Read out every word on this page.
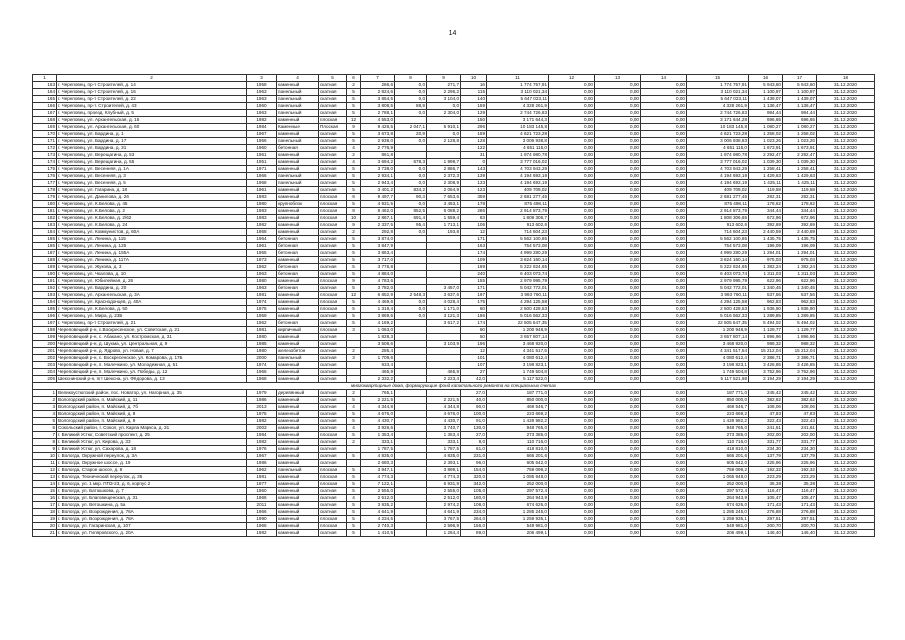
14
1	2	3	4	5	6	7	8	9	10	11	12	13	14	15	16	17	18
163	г. Череповец, пр-т Строителей, д. 14	1958	каменный	скатная	2	286,6	0,0	271,7	16	1 774 757,91	0,00	0,00	0,00	1 774 757,91	5 943,60	5 943,60	31.12.2020
164	г. Череповец, пр-т Строителей, д. 16	1963	панельный	скатная	5	2 824,6	0,0	2 296,2	115	3 110 021,34	0,00	0,00	0,00	3 110 021,34	1 100,97	1 100,97	31.12.2020
165	г. Череповец, пр-т Строителей, д. 22	1963	панельный	скатная	5	3 854,5	0,0	3 104,0	140	5 647 023,11	0,00	0,00	0,00	5 647 023,11	1 439,07	1 439,07	31.12.2020
166	г. Череповец, пр-т. Строителей, д. 43	1960	панельный	скатная	5	3 808,5	88,9	0,0	159	4 328 261,9	0,00	0,00	0,00	4 328 261,9	1 136,47	1 136,47	31.12.2020
167	г. Череповец, проезд. Клубный, д. 5	1963	панельный	скатная	5	2 788,1	0,0	2 304,0	129	2 744 726,83	0,00	0,00	0,00	2 744 726,83	984,44	984,44	31.12.2020
168	г. Череповец, ул. Архангельская, д. 15	1982	каменный	плоская	12	4 553,0			150	3 171 644,3	0,00	0,00	0,00	3 171 644,28	696,65	696,65	31.12.2020
169	г. Череповец, ул. Архангельская, д. 60	1984	Каменные	Плоская	9	9 426,5	2 047,1	5 910,1	296	10 183 145,8	0,00	0,00	0,00	10 183 145,8	1 080,27	1 080,27	31.12.2020
170	г. Череповец, ул. Бардина, д. 1	1967	каменный	скатная	5	3 673,8	20,9	0,0	159	4 621 723,28	0,00	0,00	0,00	4 621 723,28	1 258,02	1 258,02	31.12.2020
171	г. Череповец, ул. Бардина, д. 17	1966	панельный	скатная	5	2 938,0	0,0	2 128,8	128	3 006 938,8	0,00	0,00	0,00	3 006 938,83	1 023,26	1 023,26	31.12.2020
172	г. Череповец, ул. Бардина, д. 31	1960	бетонная	скатная	4	2 776,9			122	4 651 115,0	0,00	0,00	0,00	4 651 115,0	1 673,91	1 673,91	31.12.2020
173	г. Череповец, ул. Верещагина, д. 53	1961	каменный	скатная	2	861,8			31	1 974 980,78	0,00	0,00	0,00	1 974 980,78	2 292,47	2 292,47	31.12.2020
174	г. Череповец, ул. Верещагина, д. 55	1951	каменный	скатная	4	3 694,2	678,3	1 999,7	0	3 777 016,02	0,00	0,00	0,00	3 777 016,02	1 039,30	1 039,30	31.12.2020
175	г. Череповец, ул. Весенняя, д. 1А	1971	каменный	скатная	5	3 738,0	0,0	2 886,7	143	4 703 943,29	0,00	0,00	0,00	4 703 943,29	1 258,41	1 258,41	31.12.2020
176	г. Череповец, ул. Весенняя, д. 3	1966	панельный	скатная	5	2 934,1	0,0	2 372,3	139	4 194 693,19	0,00	0,00	0,00	4 194 693,19	1 429,63	1 429,63	31.12.2020
177	г. Череповец, ул. Весенняя, д. 5	1968	панельный	скатная	5	2 943,4	0,0	2 308,9	133	4 194 693,19	0,00	0,00	0,00	4 194 693,19	1 425,11	1 425,11	31.12.2020
178	г. Череповец, ул. Гагарина, д. 18	1961	каменный	скатная	5	3 401,2	834,2	2 064,9	123	409 709,02	0,00	0,00	0,00	409 709,02	119,58	119,58	31.12.2020
179	г. Череповец, ул. Данилова, д. 26	1983	каменный	плоская	9	9 497,7	90,3	7 653,6	359	2 681 277,45	0,00	0,00	0,00	2 681 277,45	282,31	282,31	31.12.2020
180	г. Череповец, ул. К.Белова, д. 45	1980	крупноблок	плоская	5	4 931,5	0,0	3 453,1	178	875 498,11	0,00	0,00	0,00	875 498,11	178,62	178,62	31.12.2020
181	г. Череповец, ул. К.Белова, д. 2	1983	каменный	плоская	9	8 462,0	852,5	6 089,2	286	2 914 873,79	0,00	0,00	0,00	2 914 873,79	344,44	344,44	31.12.2020
182	г. Череповец, ул. К.Белова, д. 2/62	1983	каменный	плоская	10	2 867,1	691,4	1 559,4	83	1 808 306,7	0,00	0,00	0,00	1 808 306,65	672,96	672,96	31.12.2020
183	г. Череповец, ул. К.Белова, д. 24	1982	каменный	плоская	9	2 337,5	95,4	1 713,1	106	913 602,6	0,00	0,00	0,00	913 602,6	392,69	392,69	31.12.2020
184	г. Череповец, ул. Коммунистов, д. 60А	1958	каменный	скатная	2	292,8	0,0	193,8	12	714 604,23	0,00	0,00	0,00	714 604,23	2 440,59	2 440,59	31.12.2020
185	г. Череповец, ул. Ленина, д. 115	1964	бетонная	скатная	5	3 874,0			171	5 562 100,85	0,00	0,00	0,00	5 562 100,85	1 435,75	1 435,75	31.12.2020
186	г. Череповец, ул. Ленина, д. 126	1961	бетонная	скатная	5	3 847,9			163	754 573,08	0,00	0,00	0,00	754 573,08	196,09	196,09	31.12.2020
187	г. Череповец, ул. Ленина, д. 155А	1965	бетонная	скатная	5	3 863,4			174	4 999 280,29	0,00	0,00	0,00	4 999 280,29	1 294,01	1 294,01	31.12.2020
188	г. Череповец, ул. Ленина, д. 117А	1973	каменный	скатная	5	3 717,0			109	3 624 160,14	0,00	0,00	0,00	3 624 160,14	975,03	975,03	31.12.2020
189	г. Череповец, ул. Жукова, д. 3	1962	бетонная	скатная	5	3 776,8			189	5 222 824,65	0,00	0,00	0,00	5 222 824,65	1 382,24	1 382,24	31.12.2020
190	г. Череповец, ул. Чкалова, д. 10	1963	бетонная	скатная	5	4 884,0			240	6 403 073,74	0,00	0,00	0,00	6 403 073,74	1 311,03	1 311,03	31.12.2020
191	г. Череповец, ул. Юбилейная, д. 26	1980	каменный	плоская	9	4 783,6			155	2 979 995,79	0,00	0,00	0,00	2 979 995,79	622,96	622,96	31.12.2020
192	г. Череповец, ул. Бардина, д. 20	1963	бетонная	скатная	5	3 782,0		3 467,0	171	5 042 772,01	0,00	0,00	0,00	5 042 772,01	1 340,45	1 340,45	31.12.2020
193	г. Череповец, ул. Архангельская, д. 3А	1981	каменный	плоская	12	6 852,9	2 548,3	3 637,6	197	3 993 760,11	0,00	0,00	0,00	3 993 760,11	537,56	537,56	31.12.2020
194	г. Череповец, ул. Краснодонцев, д. 40А	1974	каменный	плоская	5	4 469,6	0,0	4 028,4	175	4 294 125,58	0,00	0,00	0,00	4 294 125,58	962,83	962,83	31.12.2020
195	г. Череповец, ул. К.Белова, д. 50	1975	каменный	плоская	5	1 319,4	0,0	1 171,0	60	2 500 428,53	0,00	0,00	0,00	2 500 428,53	1 936,90	1 936,90	31.12.2020
196	г. Череповец, ул. Мира, д. 23Б	1959	каменный	скатная	5	3 869,6	0,0	3 121,3	186	5 016 562,33	0,00	0,00	0,00	5 016 562,33	1 289,85	1 289,85	31.12.2020
197	г. Череповец, пр-т Строителей, д. 21	1962	бетонная	скатная	5	4 169,2		3 617,2	174	22 505 647,35	0,00	0,00	0,00	22 505 647,35	5 494,02	5 494,02	31.12.2020
198	Череповецкий р-н, с.Воскресенское, ул. Советская, д. 21	1981	кирпичный	плоская	3	1 063,0			60	1 200 948,9	0,00	0,00	0,00	1 200 948,9	1 129,77	1 129,77	31.12.2020
199	Череповецкий р-н, с. Абакано, ул. Костромская, д. 31	1980	каменный	скатная		1 828,3			50	3 657 807,14	0,00	0,00	0,00	3 657 807,14	1 896,96	1 896,96	31.12.2020
200	Череповецкий р-н, д. Шухма, ул. Центральная, д. 9	1985	каменный	скатная		3 508,6		3 103,9	196	3 468 920,0	0,00	0,00	0,00	3 468 920,0	988,32	988,32	31.12.2020
201	Череповецкий р-н, д. Ядрово, ул. Новая, д. 7	1980	железобетон	скатная	2	285,4			12	4 341 517,5	0,00	0,00	0,00	4 341 517,54	15 212,04	15 212,04	31.12.2020
202	Череповецкий р-н, с. Воскресенское, ул. Комарова, д. 17Б	2000	панельный	скатная	3	1 709,6			101	4 080 612,4	0,00	0,00	0,00	4 080 612,4	2 386,71	2 386,71	31.12.2020
203	Череповецкий р-н, п. Малечкино, ул. Молодежная, д. 51	1974	каменный	скатная		933,4			107	3 198 823,1	0,00	0,00	0,00	3 198 823,1	3 426,85	3 426,85	31.12.2020
204	Череповецкий р-н, п. Малечкино, ул. Победы, д. 12	1966	каменный	скатная		465,9		465,9	27	1 749 504,8	0,00	0,00	0,00	1 749 504,8	3 752,96	3 752,96	31.12.2020
205	Шекснинский р-н, пгт Шексна, ул. Фёдорова, д. 13	1968	каменный	скатная		2 332,2		2 223,4	42,0	5 117 522,0	0,00	0,00	0,00	5 117 521,98	2 194,29	2 194,29	31.12.2020
многоквартирные дома, формирующие фонд капитального ремонта на специальных счетах																	
1	Великоустюгский район, пос. Новатор, ул. Нагорная, д. 35	1979	деревянный	скатная	2	765,1			27,0	187 771,0	0,00	0,00	0,00	187 771,0	245,42	245,42	31.12.2020
2	Вологодский район, п. Майский, д. 11	1986	каменный	скатная	5	2 221,5		2 221,5	40,0	850 000,0	0,00	0,00	0,00	850 000,0	382,62	382,62	31.12.2020
3	Вологодский район, п. Майский, д. 7б	2013	каменный	скатная	4	4 344,8		4 344,8	90,0	469 546,7	0,00	0,00	0,00	469 546,7	108,06	108,06	31.12.2020
4	Вологодский район, п. Майский, д. 8	1975	каменный	скатная	5	4 676,0		4 676,0	100,0	223 669,2	0,00	0,00	0,00	223 669,2	47,83	47,83	31.12.2020
5	Вологодский район, п. Майский, д. 9	1982	каменный	скатная	5	4 430,7		4 430,7	91,0	1 428 982,2	0,00	0,00	0,00	1 428 982,2	322,43	322,43	31.12.2020
6	Сокольский район, г. Сокол, ул. Карла Маркса, д. 31	2003	каменный	скатная	4	3 926,6		3 740,7	130,0	948 765,0	0,00	0,00	0,00	948 765,0	241,61	241,61	31.12.2020
7	г. Великий Устюг, Советский проспект, д. 25	1984	каменный	плоская	5	1 353,4		1 353,4	27,0	273 385,0	0,00	0,00	0,00	273 385,0	202,00	202,00	31.12.2020
8	г. Великий Устюг, ул. Кирова, д. 33	1982	каменный	скатная	2	333,1		333,1	8,0	110 716,0	0,00	0,00	0,00	110 716,0	331,77	331,77	31.12.2020
9	г. Великий Устюг, ул. Сахарова, д. 18	1976	каменный	скатная		1 787,5		1 787,5	61,0	418 810,0	0,00	0,00	0,00	418 810,0	234,30	234,30	31.12.2020
10	г. Вологда, Окружной переулок, д. 3А	1967	каменный	скатная	5	4 835,0		4 835,0	231,0	666 201,6	0,00	0,00	0,00	666 201,6	137,79	137,79	31.12.2020
11	г. Вологда, Окружное шоссе, д. 19	1986	каменный	скатная		2 680,3		2 393,1	96,0	605 642,0	0,00	0,00	0,00	605 642,0	225,96	225,96	31.12.2020
12	г. Вологда, Старое шоссе, д. 8	1962	панельный	плоская	5	3 947,1		3 899,1	154,0	759 099,2	0,00	0,00	0,00	759 099,2	192,32	192,32	31.12.2020
13	г. Вологда, Технический переулок, д. 35	1981	каменный	плоская	5	4 774,3		4 774,3	320,0	1 085 948,0	0,00	0,00	0,00	1 065 948,0	223,29	223,29	31.12.2020
14	г. Вологда, ул. 1 мкр. ППЗ-23, д. 6, корпус 2	1977	каменный	плоская	5	7 122,1		6 931,9	342,0	252 000,0	0,00	0,00	0,00	252 000,0	35,38	35,38	31.12.2020
15	г. Вологда, ул. Батюшкова, д. 7	1960	каменный	скатная	5	2 555,0		2 555,0	105,0	297 572,4	0,00	0,00	0,00	297 572,4	116,47	116,47	31.12.2020
16	г. Вологда, ул. Благовещенская, д. 31	1966	каменный	скатная	4	2 512,0		2 512,0	180,0	264 943,9	0,00	0,00	0,00	264 943,9	105,47	105,47	31.12.2020
17	г. Вологда, ул. Ветошкина, д. 5а	2011	каменный	скатная	5	3 935,2		2 974,2	108,0	674 626,0	0,00	0,00	0,00	674 626,0	171,43	171,43	31.12.2020
18	г. Вологда, ул. Возрождения, д. 76А	1966	каменный	скатная	5	4 641,9		4 641,9	234,0	1 285 245,0	0,00	0,00	0,00	1 285 245,0	276,88	276,88	31.12.2020
19	г. Вологда, ул. Возрождения, д. 78А	1990	каменный	плоская	5	4 234,5		3 767,5	264,0	1 259 935,1	0,00	0,00	0,00	1 259 935,1	297,51	297,51	31.12.2020
20	г. Вологда, ул. Гагаринская, д. 107	1966	каменный	плоская	5	2 740,3		2 596,9	156,0	549 981,0	0,00	0,00	0,00	549 981,0	200,70	200,70	31.12.2020
21	г. Вологда, ул. Гиляровского, д. 20А	1982	каменный	скатная	5	1 410,5		1 264,4	89,0	206 499,1	0,00	0,00	0,00	206 499,1	146,40	146,40	31.12.2020
